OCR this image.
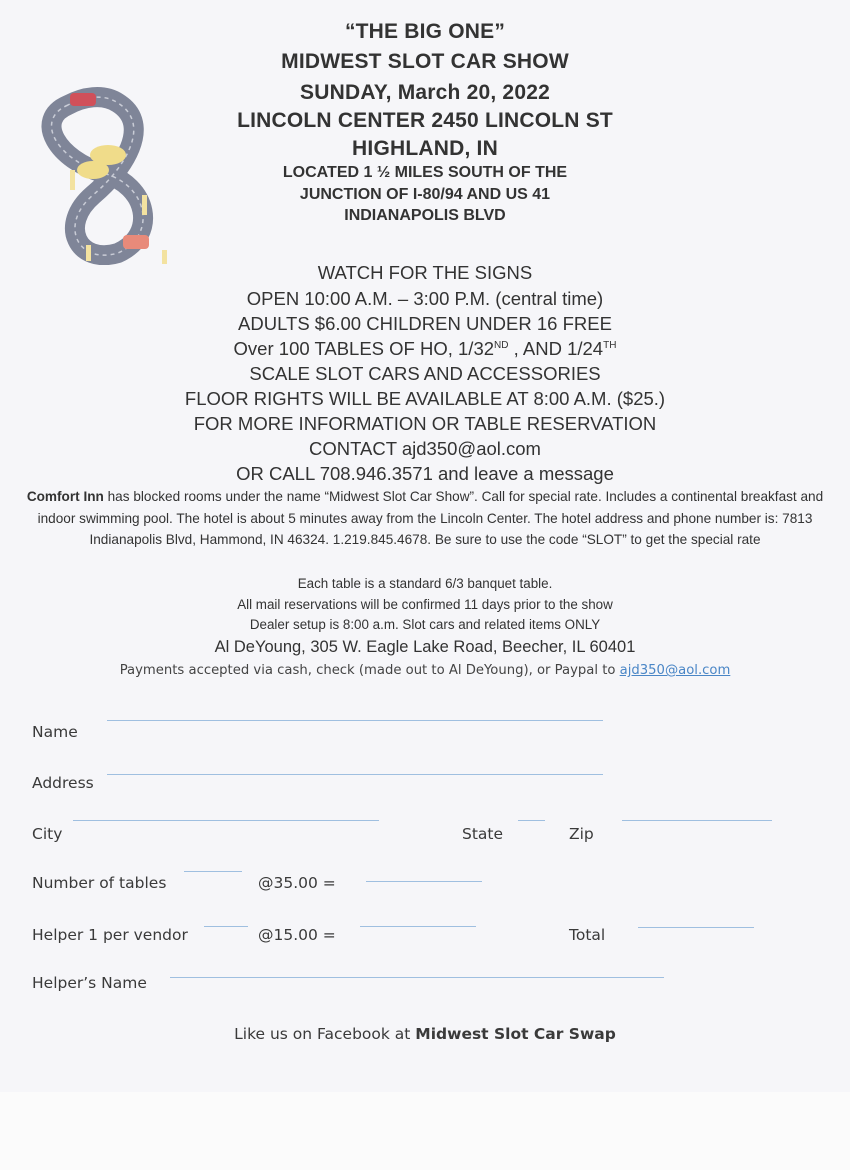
“THE BIG ONE”
MIDWEST SLOT CAR SHOW
SUNDAY, March 20, 2022
LINCOLN CENTER 2450 LINCOLN ST
HIGHLAND, IN
LOCATED 1 ½ MILES SOUTH OF THE
JUNCTION OF I-80/94 AND US 41
INDIANAPOLIS BLVD
WATCH FOR THE SIGNS
OPEN 10:00 A.M. – 3:00 P.M. (central time)
ADULTS $6.00 CHILDREN UNDER 16 FREE
Over 100 TABLES OF HO, 1/32ND , AND 1/24TH
SCALE SLOT CARS AND ACCESSORIES
FLOOR RIGHTS WILL BE AVAILABLE AT 8:00 A.M. ($25.)
FOR MORE INFORMATION OR TABLE RESERVATION
CONTACT ajd350@aol.com
OR CALL 708.946.3571 and leave a message
Comfort Inn has blocked rooms under the name “Midwest Slot Car Show”. Call for special rate. Includes a continental breakfast and indoor swimming pool. The hotel is about 5 minutes away from the Lincoln Center. The hotel address and phone number is: 7813 Indianapolis Blvd, Hammond, IN 46324. 1.219.845.4678. Be sure to use the code “SLOT” to get the special rate
Each table is a standard 6/3 banquet table.
All mail reservations will be confirmed 11 days prior to the show
Dealer setup is 8:00 a.m. Slot cars and related items ONLY
Al DeYoung, 305 W. Eagle Lake Road, Beecher, IL 60401
Payments accepted via cash, check (made out to Al DeYoung), or Paypal to ajd350@aol.com
Name
Address
City	State	Zip
Number of tables	@35.00 =
Helper 1 per vendor	@15.00 =	Total
Helper’s Name
Like us on Facebook at Midwest Slot Car Swap
